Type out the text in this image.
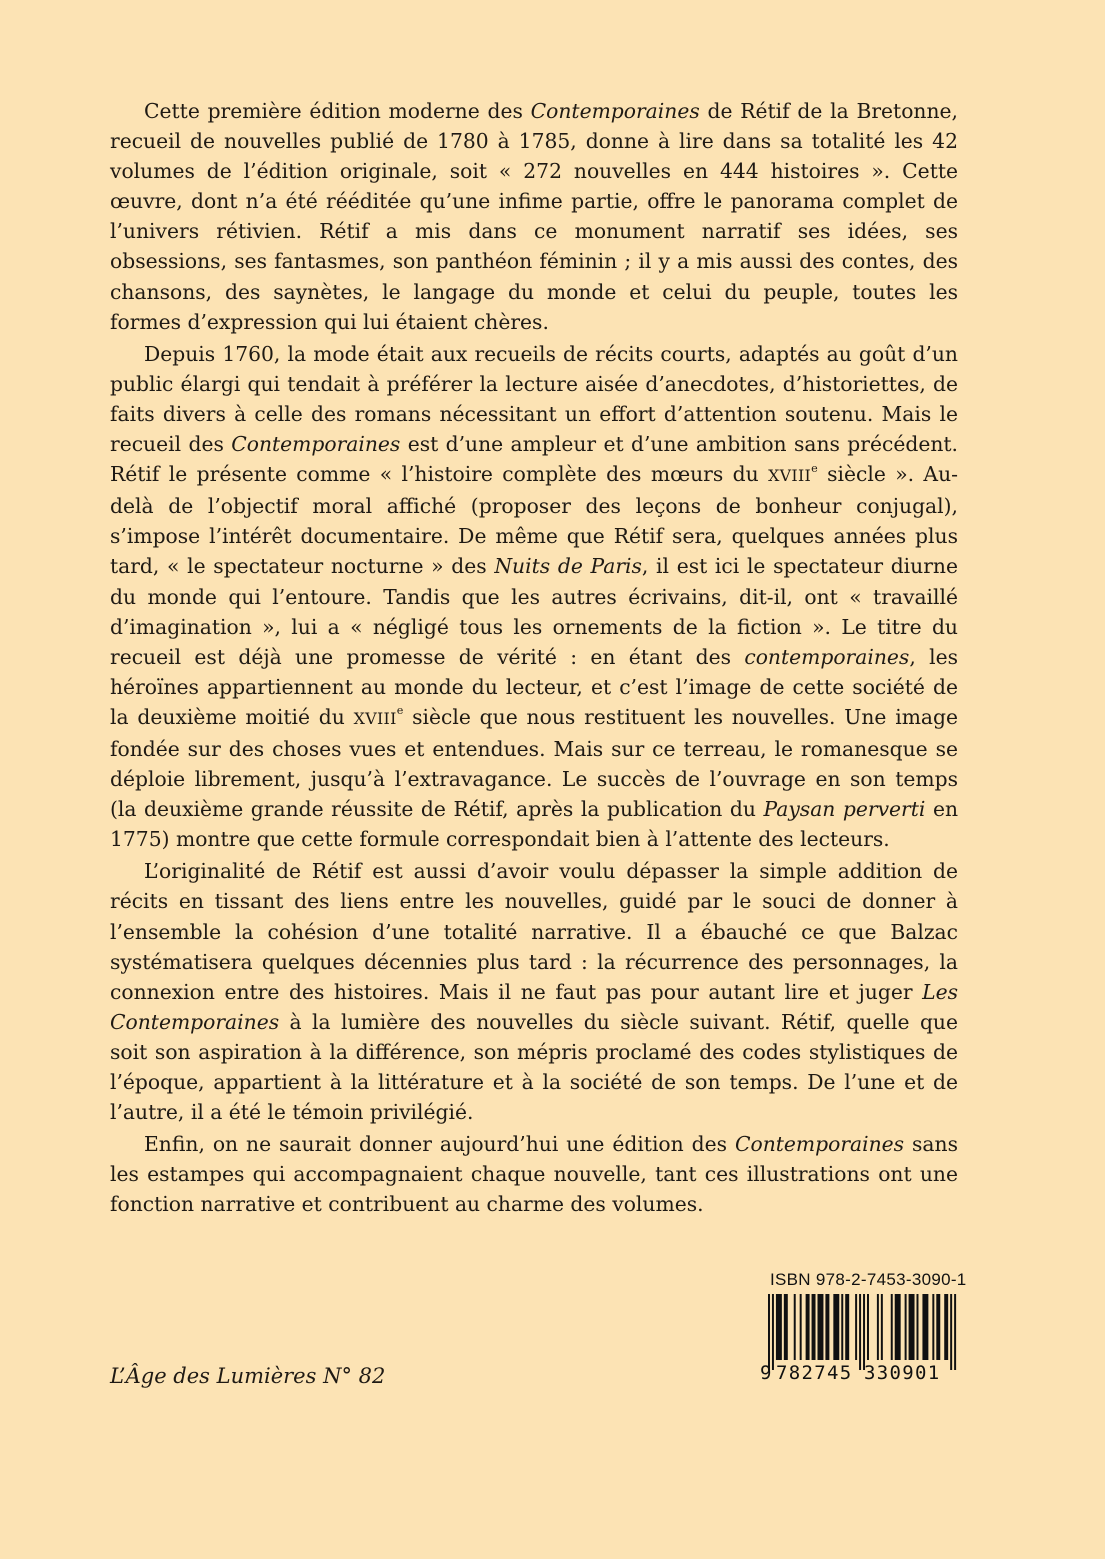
Cette première édition moderne des Contemporaines de Rétif de la Bretonne, recueil de nouvelles publié de 1780 à 1785, donne à lire dans sa totalité les 42 volumes de l’édition originale, soit « 272 nouvelles en 444 histoires ». Cette œuvre, dont n’a été rééditée qu’une infime partie, offre le panorama complet de l’univers rétivien. Rétif a mis dans ce monument narratif ses idées, ses obsessions, ses fantasmes, son panthéon féminin ; il y a mis aussi des contes, des chansons, des saynètes, le langage du monde et celui du peuple, toutes les formes d’expression qui lui étaient chères.

Depuis 1760, la mode était aux recueils de récits courts, adaptés au goût d’un public élargi qui tendait à préférer la lecture aisée d’anecdotes, d’historiettes, de faits divers à celle des romans nécessitant un effort d’attention soutenu. Mais le recueil des Contemporaines est d’une ampleur et d’une ambition sans précédent. Rétif le présente comme « l’histoire complète des mœurs du XVIIIe siècle ». Au-delà de l’objectif moral affiché (proposer des leçons de bonheur conjugal), s’impose l’intérêt documentaire. De même que Rétif sera, quelques années plus tard, « le spectateur nocturne » des Nuits de Paris, il est ici le spectateur diurne du monde qui l’entoure. Tandis que les autres écrivains, dit-il, ont « travaillé d’imagination », lui a « négligé tous les ornements de la fiction ». Le titre du recueil est déjà une promesse de vérité : en étant des contemporaines, les héroïnes appartiennent au monde du lecteur, et c’est l’image de cette société de la deuxième moitié du XVIIIe siècle que nous restituent les nouvelles. Une image fondée sur des choses vues et entendues. Mais sur ce terreau, le romanesque se déploie librement, jusqu’à l’extravagance. Le succès de l’ouvrage en son temps (la deuxième grande réussite de Rétif, après la publication du Paysan perverti en 1775) montre que cette formule correspondait bien à l’attente des lecteurs.

L’originalité de Rétif est aussi d’avoir voulu dépasser la simple addition de récits en tissant des liens entre les nouvelles, guidé par le souci de donner à l’ensemble la cohésion d’une totalité narrative. Il a ébauché ce que Balzac systématisera quelques décennies plus tard : la récurrence des personnages, la connexion entre des histoires. Mais il ne faut pas pour autant lire et juger Les Contemporaines à la lumière des nouvelles du siècle suivant. Rétif, quelle que soit son aspiration à la différence, son mépris proclamé des codes stylistiques de l’époque, appartient à la littérature et à la société de son temps. De l’une et de l’autre, il a été le témoin privilégié.

Enfin, on ne saurait donner aujourd’hui une édition des Contemporaines sans les estampes qui accompagnaient chaque nouvelle, tant ces illustrations ont une fonction narrative et contribuent au charme des volumes.

L’Âge des Lumières N° 82
ISBN 978-2-7453-3090-1
9 782745 330901
